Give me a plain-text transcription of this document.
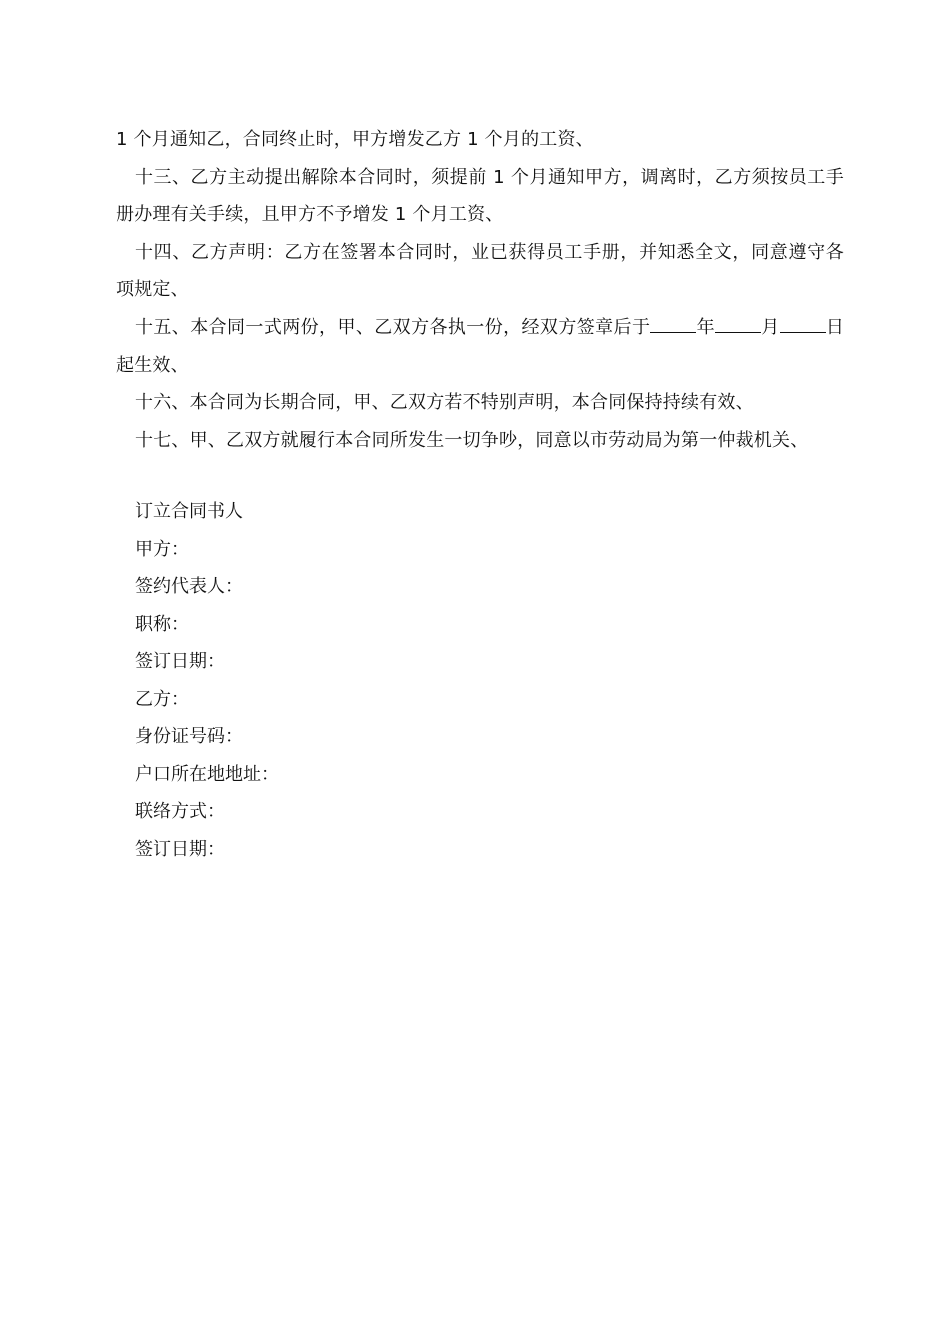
1 个月通知乙，合同终止时，甲方增发乙方 1 个月的工资、

十三、乙方主动提出解除本合同时，须提前 1 个月通知甲方，调离时，乙方须按员工手册办理有关手续，且甲方不予增发 1 个月工资、

十四、乙方声明：乙方在签署本合同时，业已获得员工手册，并知悉全文，同意遵守各项规定、

十五、本合同一式两份，甲、乙双方各执一份，经双方签章后于	年	月	日起生效、

十六、本合同为长期合同，甲、乙双方若不特别声明，本合同保持持续有效、

十七、甲、乙双方就履行本合同所发生一切争吵，同意以市劳动局为第一仲裁机关、

订立合同书人

甲方：

签约代表人：

职称：

签订日期：

乙方：

身份证号码：

户口所在地地址：

联络方式：

签订日期：
